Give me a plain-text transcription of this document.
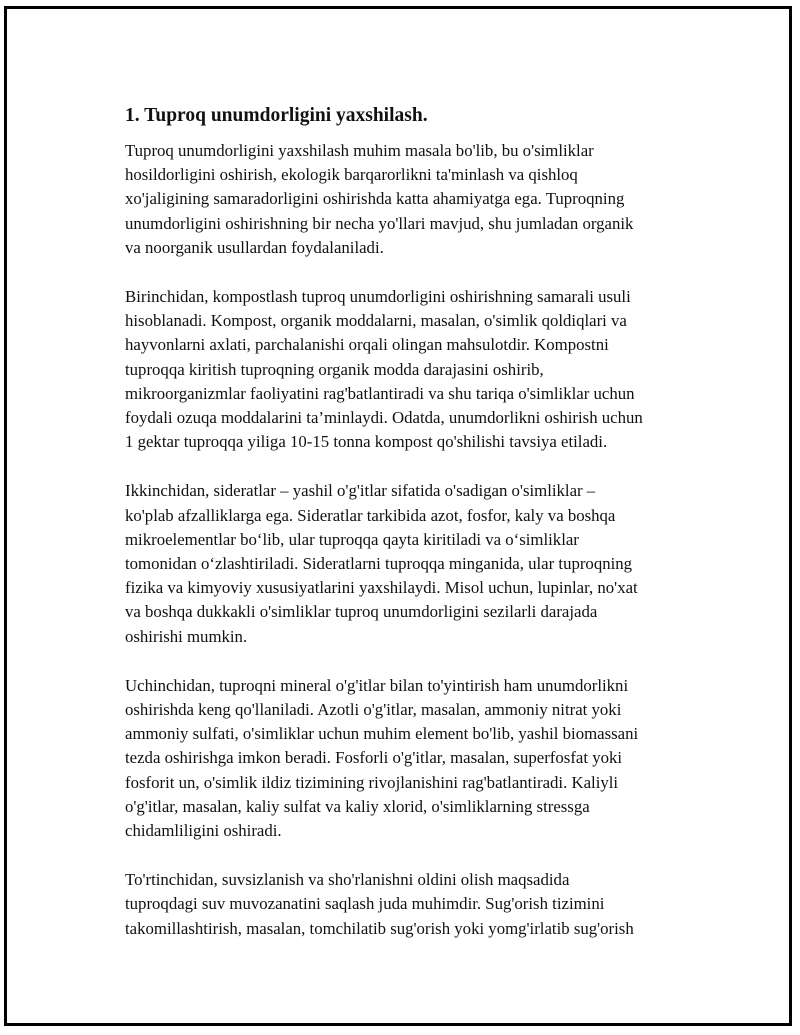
1. Tuproq unumdorligini yaxshilash.

Tuproq unumdorligini yaxshilash muhim masala bo'lib, bu o'simliklar
hosildorligini oshirish, ekologik barqarorlikni ta'minlash va qishloq
xo'jaligining samaradorligini oshirishda katta ahamiyatga ega. Tuproqning
unumdorligini oshirishning bir necha yo'llari mavjud, shu jumladan organik
va noorganik usullardan foydalaniladi.

Birinchidan, kompostlash tuproq unumdorligini oshirishning samarali usuli
hisoblanadi. Kompost, organik moddalarni, masalan, o'simlik qoldiqlari va
hayvonlarni axlati, parchalanishi orqali olingan mahsulotdir. Kompostni
tuproqqa kiritish tuproqning organik modda darajasini oshirib,
mikroorganizmlar faoliyatini rag'batlantiradi va shu tariqa o'simliklar uchun
foydali ozuqa moddalarini ta’minlaydi. Odatda, unumdorlikni oshirish uchun
1 gektar tuproqqa yiliga 10-15 tonna kompost qo'shilishi tavsiya etiladi.

Ikkinchidan, sideratlar – yashil o'g'itlar sifatida o'sadigan o'simliklar –
ko'plab afzalliklarga ega. Sideratlar tarkibida azot, fosfor, kaly va boshqa
mikroelementlar bo‘lib, ular tuproqqa qayta kiritiladi va o‘simliklar
tomonidan o‘zlashtiriladi. Sideratlarni tuproqqa minganida, ular tuproqning
fizika va kimyoviy xususiyatlarini yaxshilaydi. Misol uchun, lupinlar, no'xat
va boshqa dukkakli o'simliklar tuproq unumdorligini sezilarli darajada
oshirishi mumkin.

Uchinchidan, tuproqni mineral o'g'itlar bilan to'yintirish ham unumdorlikni
oshirishda keng qo'llaniladi. Azotli o'g'itlar, masalan, ammoniy nitrat yoki
ammoniy sulfati, o'simliklar uchun muhim element bo'lib, yashil biomassani
tezda oshirishga imkon beradi. Fosforli o'g'itlar, masalan, superfosfat yoki
fosforit un, o'simlik ildiz tizimining rivojlanishini rag'batlantiradi. Kaliyli
o'g'itlar, masalan, kaliy sulfat va kaliy xlorid, o'simliklarning stressga
chidamliligini oshiradi.

To'rtinchidan, suvsizlanish va sho'rlanishni oldini olish maqsadida
tuproqdagi suv muvozanatini saqlash juda muhimdir. Sug'orish tizimini
takomillashtirish, masalan, tomchilatib sug'orish yoki yomg'irlatib sug'orish
